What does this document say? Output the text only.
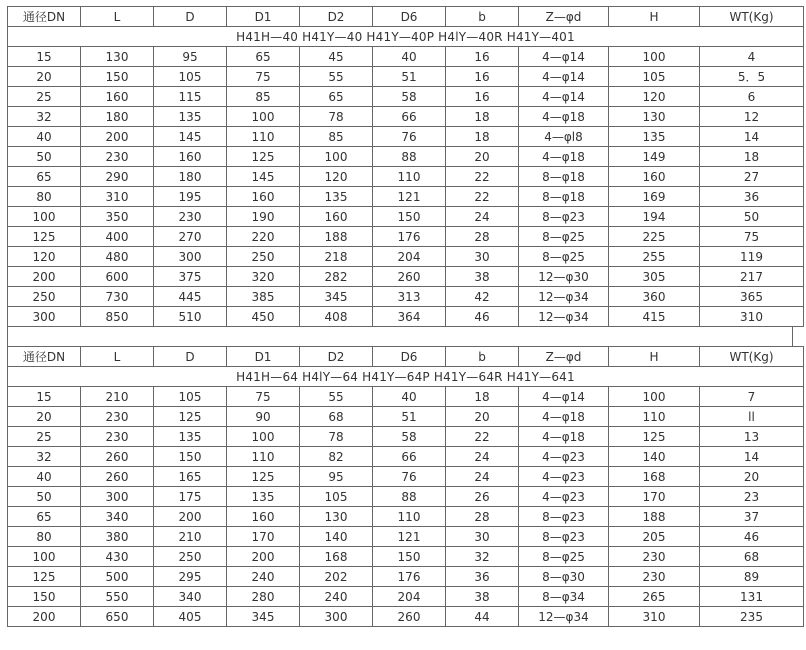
通径DN	L	D	D1	D2	D6	b	Z—φd	H	WT(Kg)
H41H—40 H41Y—40 H41Y—40P H4lY—40R H41Y—401									
15	130	95	65	45	40	16	4—φ14	100	4
20	150	105	75	55	51	16	4—φ14	105	5．5
25	160	115	85	65	58	16	4—φ14	120	6
32	180	135	100	78	66	18	4—φ18	130	12
40	200	145	110	85	76	18	4—φl8	135	14
50	230	160	125	100	88	20	4—φ18	149	18
65	290	180	145	120	110	22	8—φ18	160	27
80	310	195	160	135	121	22	8—φ18	169	36
100	350	230	190	160	150	24	8—φ23	194	50
125	400	270	220	188	176	28	8—φ25	225	75
120	480	300	250	218	204	30	8—φ25	255	119
200	600	375	320	282	260	38	12—φ30	305	217
250	730	445	385	345	313	42	12—φ34	360	365
300	850	510	450	408	364	46	12—φ34	415	310
通径DN	L	D	D1	D2	D6	b	Z—φd	H	WT(Kg)
H41H—64 H4lY—64 H41Y—64P H41Y—64R H41Y—641									
15	210	105	75	55	40	18	4—φ14	100	7
20	230	125	90	68	51	20	4—φ18	110	ll
25	230	135	100	78	58	22	4—φ18	125	13
32	260	150	110	82	66	24	4—φ23	140	14
40	260	165	125	95	76	24	4—φ23	168	20
50	300	175	135	105	88	26	4—φ23	170	23
65	340	200	160	130	110	28	8—φ23	188	37
80	380	210	170	140	121	30	8—φ23	205	46
100	430	250	200	168	150	32	8—φ25	230	68
125	500	295	240	202	176	36	8—φ30	230	89
150	550	340	280	240	204	38	8—φ34	265	131
200	650	405	345	300	260	44	12—φ34	310	235
